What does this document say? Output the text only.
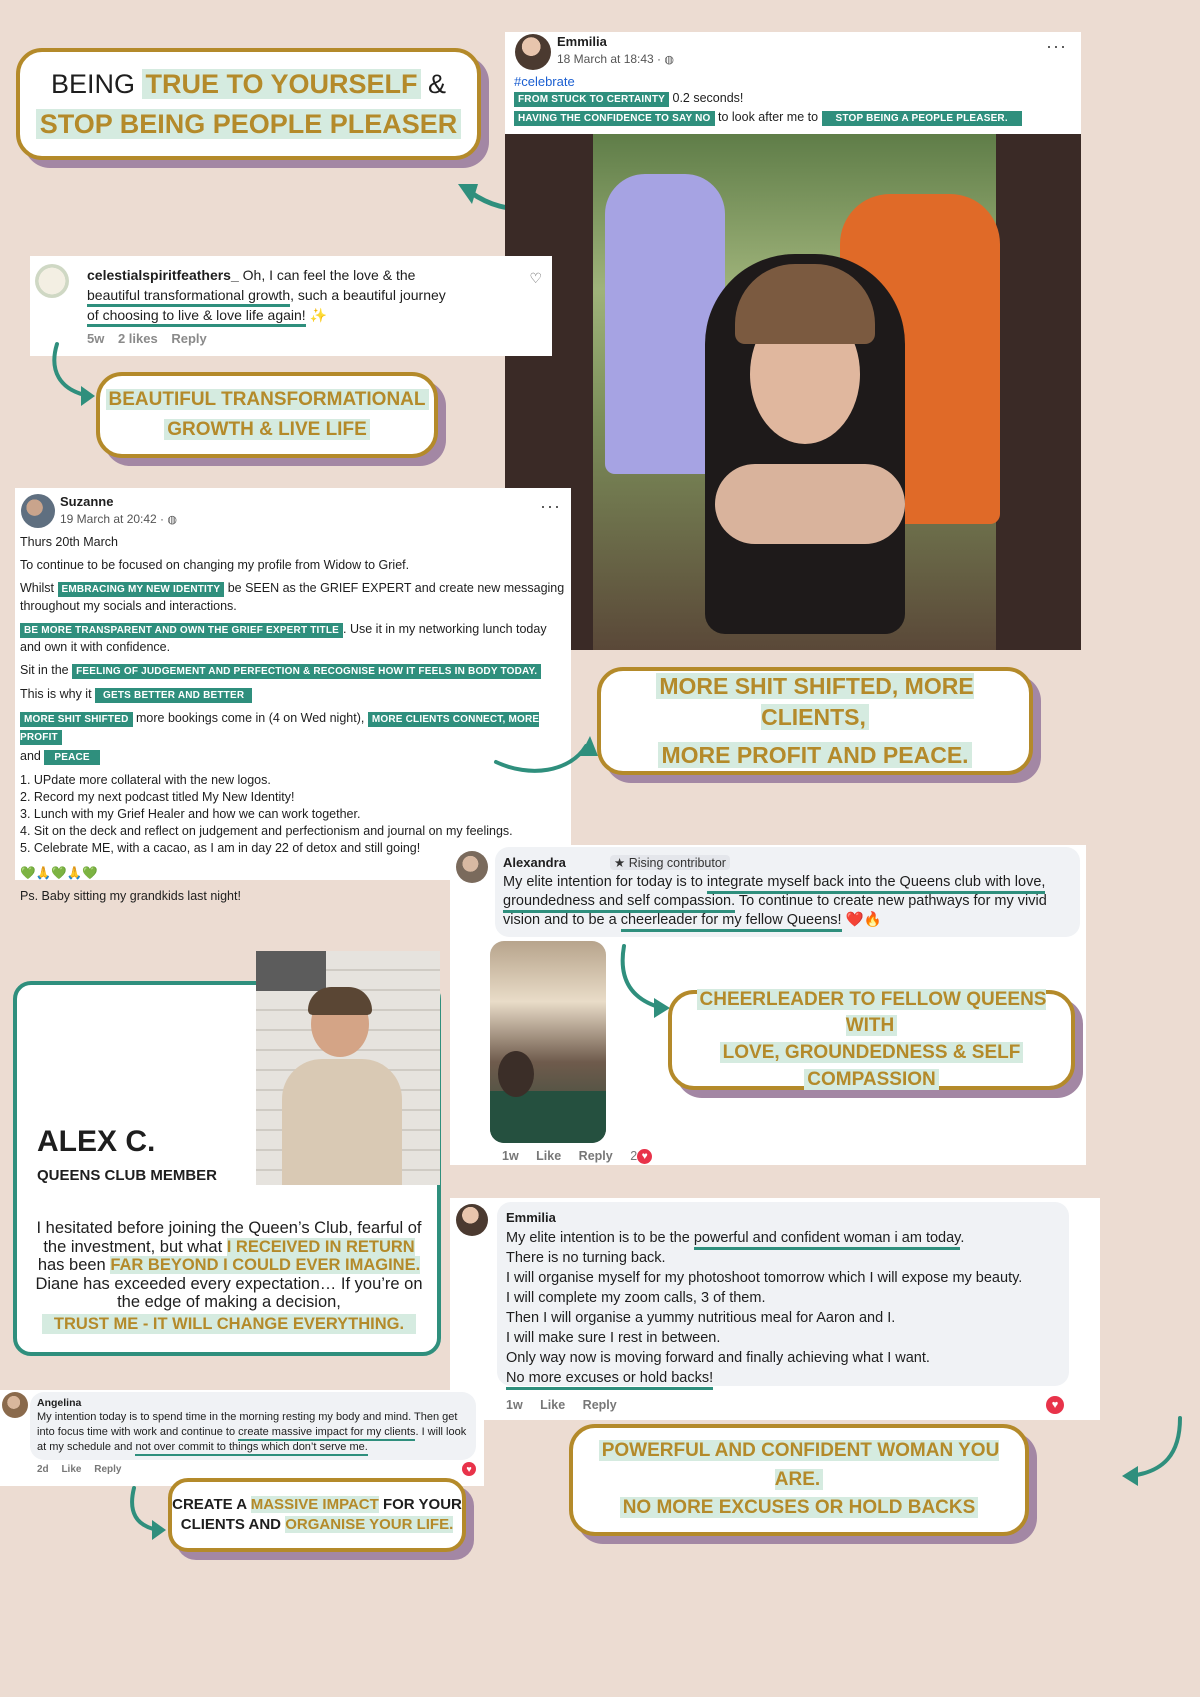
BEING TRUE TO YOURSELF &
STOP BEING PEOPLE PLEASER
Emmilia
18 March at 18:43 · ◍
···
#celebrate
FROM STUCK TO CERTAINTY 0.2 seconds!
HAVING THE CONFIDENCE TO SAY NO to look after me to STOP BEING A PEOPLE PLEASER.
celestialspiritfeathers_ Oh, I can feel the love & the
beautiful transformational growth, such a beautiful journey
of choosing to live & love life again! ✨
♡
5w 2 likes Reply
BEAUTIFUL TRANSFORMATIONAL
GROWTH & LIVE LIFE
Suzanne
19 March at 20:42 · ◍
···
Thurs 20th March
To continue to be focused on changing my profile from Widow to Grief.
Whilst EMBRACING MY NEW IDENTITY be SEEN as the GRIEF EXPERT and create new messaging throughout my socials and interactions.
BE MORE TRANSPARENT AND OWN THE GRIEF EXPERT TITLE . Use it in my networking lunch today and own it with confidence.
Sit in the FEELING OF JUDGEMENT AND PERFECTION & RECOGNISE HOW IT FEELS IN BODY TODAY.
This is why it GETS BETTER AND BETTER
MORE SHIT SHIFTED more bookings come in (4 on Wed night), MORE CLIENTS CONNECT, MORE PROFIT
and PEACE
1. UPdate more collateral with the new logos.
2. Record my next podcast titled My New Identity!
3. Lunch with my Grief Healer and how we can work together.
4. Sit on the deck and reflect on judgement and perfectionism and journal on my feelings.
5. Celebrate ME, with a cacao, as I am in day 22 of detox and still going!
💚🙏💚🙏💚
Ps. Baby sitting my grandkids last night!
MORE SHIT SHIFTED, MORE CLIENTS,
MORE PROFIT AND PEACE.
Alexandra	★ Rising contributor
My elite intention for today is to integrate myself back into the Queens club with love, groundedness and self compassion. To continue to create new pathways for my vivid vision and to be a cheerleader for my fellow Queens! ❤️🔥
1w Like Reply 2 ♥
CHEERLEADER TO FELLOW QUEENS WITH
LOVE, GROUNDEDNESS & SELF
COMPASSION
ALEX C.
QUEENS CLUB MEMBER
I hesitated before joining the Queen’s Club, fearful of the investment, but what I RECEIVED IN RETURN has been FAR BEYOND I COULD EVER IMAGINE. Diane has exceeded every expectation… If you’re on the edge of making a decision,
TRUST ME - IT WILL CHANGE EVERYTHING.
Emmilia
My elite intention is to be the powerful and confident woman i am today.
There is no turning back.
I will organise myself for my photoshoot tomorrow which I will expose my beauty.
I will complete my zoom calls, 3 of them.
Then I will organise a yummy nutritious meal for Aaron and I.
I will make sure I rest in between.
Only way now is moving forward and finally achieving what I want.
No more excuses or hold backs!
1w Like Reply	♥
POWERFUL AND CONFIDENT WOMAN YOU ARE.
NO MORE EXCUSES OR HOLD BACKS
Angelina
My intention today is to spend time in the morning resting my body and mind. Then get into focus time with work and continue to create massive impact for my clients. I will look at my schedule and not over commit to things which don’t serve me.
2d Like Reply	♥
CREATE A MASSIVE IMPACT FOR YOUR
CLIENTS AND ORGANISE YOUR LIFE.
